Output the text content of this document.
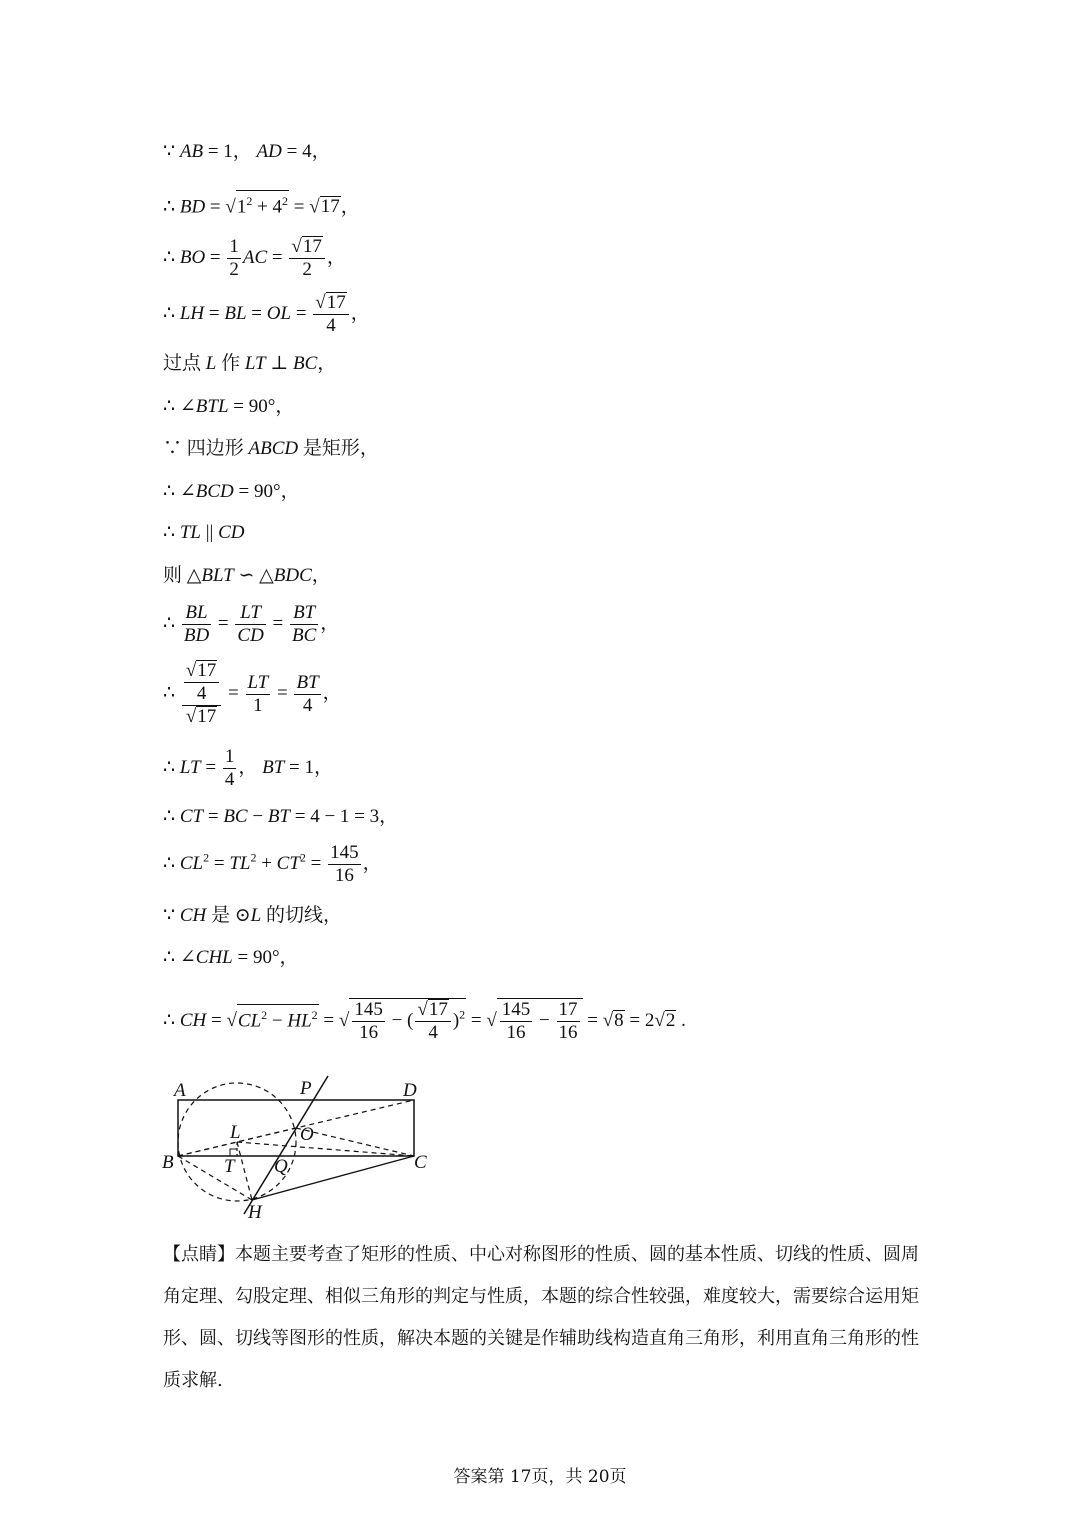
∵ AB = 1， AD = 4，
∴ BD = $√1^2 + 4^2 = √17$，
∴ BO = $\frac{1}{2}$ AC = $\frac{√17}{2}$ ，
∴ LH = BL = OL = $\frac{√17}{4}$ ，
过点 L 作 LT ⊥ BC，
∴ ∠BTL = 90°，
∵ 四边形 ABCD 是矩形，
∴ ∠BCD = 90°，
∴ TL || CD
则 △BLT ∽ △BDC，
∴ $\frac{BL}{BD} = \frac{LT}{CD} = \frac{BT}{BC}$ ，
∴ $\frac{\frac{√17}{4}}{√17} = \frac{LT}{1} = \frac{BT}{4}$ ，
∴ LT = $\frac{1}{4}$ ， BT = 1，
∴ CT = BC − BT = 4 − 1 = 3，
∴ $CL^2 = TL^2 + CT^2 = \frac{145}{16}$ ，
∵ CH 是 ⊙L 的切线，
∴ ∠CHL = 90°，
∴ CH = $√CL^2 - HL^2$ = √ $\frac{145}{16}$ − ( $\frac{√17}{4} )^2$ = √ $\frac{145}{16} - \frac{17}{16} = √8 = 2√2$ .
A	P	D
L	O
B	T Q	C
H
【点睛】本题主要考查了矩形的性质、中心对称图形的性质、圆的基本性质、切线的性质、圆周角定理、勾股定理、相似三角形的判定与性质，本题的综合性较强，难度较大，需要综合运用矩形、圆、切线等图形的性质，解决本题的关键是作辅助线构造直角三角形，利用直角三角形的性质求解.
答案第 17页，共 20页
